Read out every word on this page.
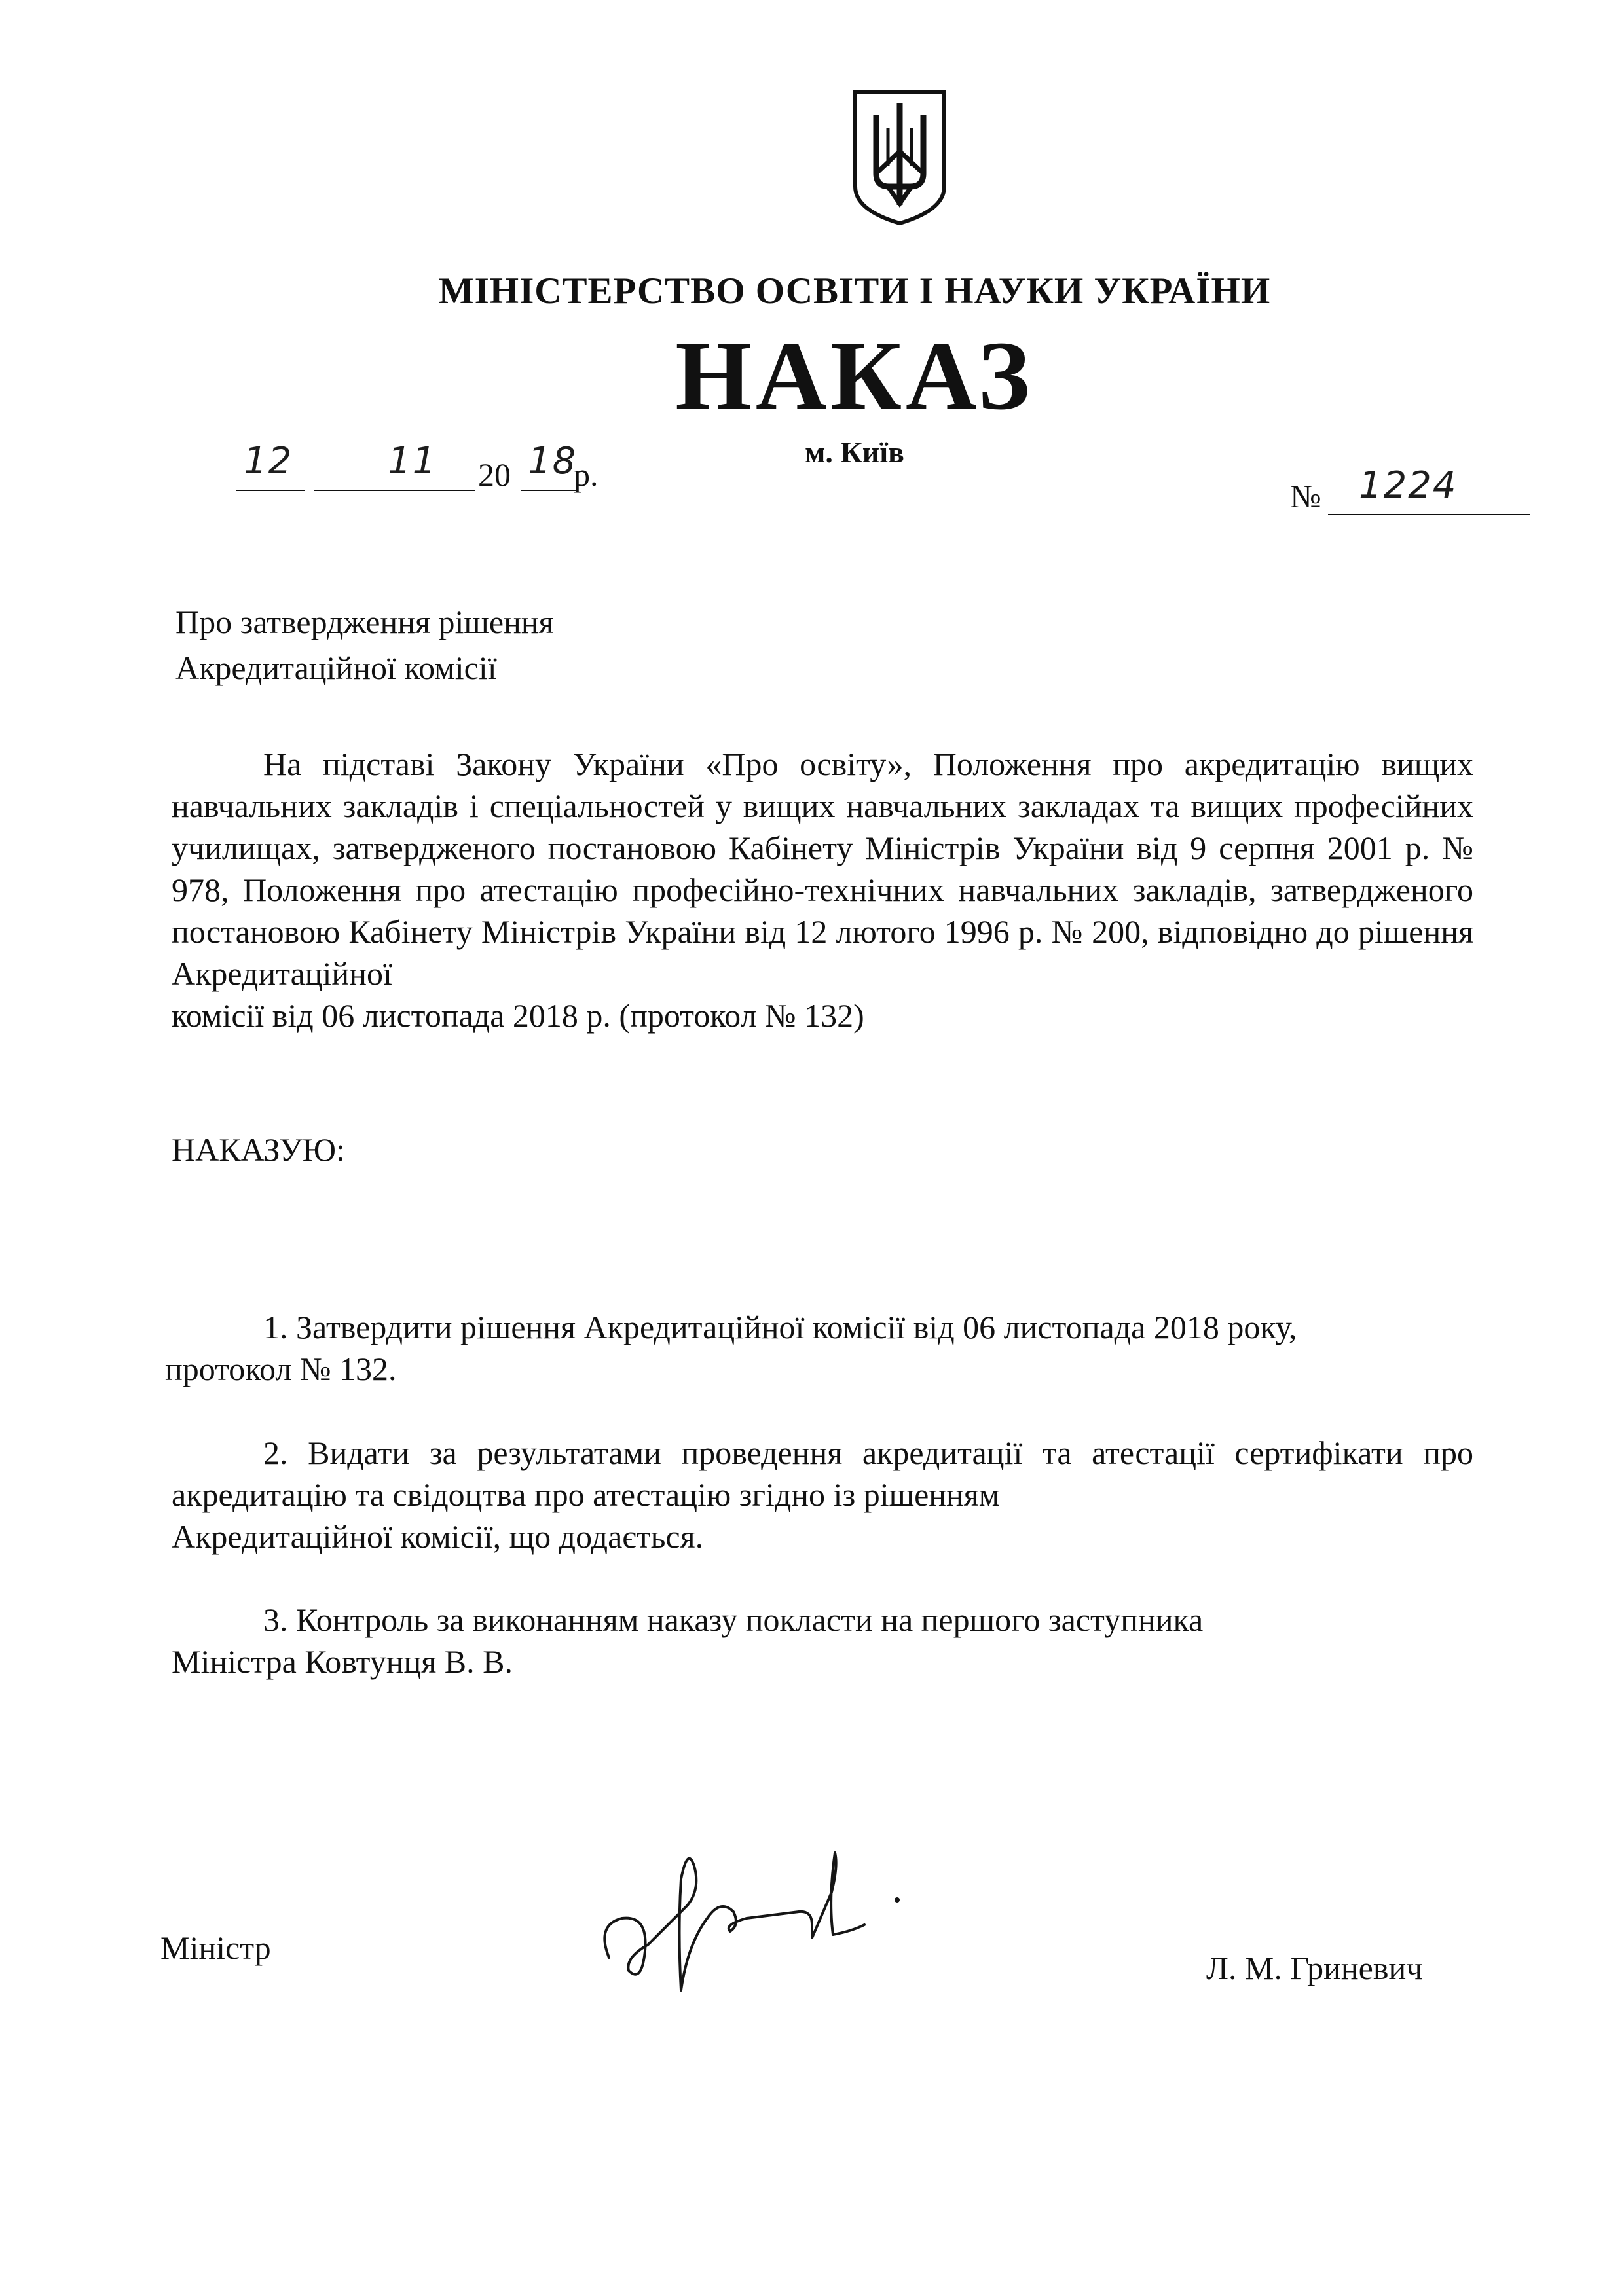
МІНІСТЕРСТВО ОСВІТИ І НАУКИ УКРАЇНИ
НАКАЗ
м. Київ
12	11 20 18
р.
№ 1224
Про затвердження рішення
Акредитаційної комісії
На підставі Закону України «Про освіту», Положення про акредитацію вищих навчальних закладів і спеціальностей у вищих навчальних закладах та вищих професійних училищах, затвердженого постановою Кабінету Міністрів України від 9 серпня 2001 р. № 978, Положення про атестацію професійно-технічних навчальних закладів, затвердженого постановою Кабінету Міністрів України від 12 лютого 1996 р. № 200, відповідно до рішення Акредитаційної
комісії від 06 листопада 2018 р. (протокол № 132)
НАКАЗУЮ:
1. Затвердити рішення Акредитаційної комісії від 06 листопада 2018 року,
протокол № 132.
2. Видати за результатами проведення акредитації та атестації сертифікати про акредитацію та свідоцтва про атестацію згідно із рішенням
Акредитаційної комісії, що додається.
3. Контроль за виконанням наказу покласти на першого заступника
Міністра Ковтунця В. В.
Міністр
Л. М. Гриневич
